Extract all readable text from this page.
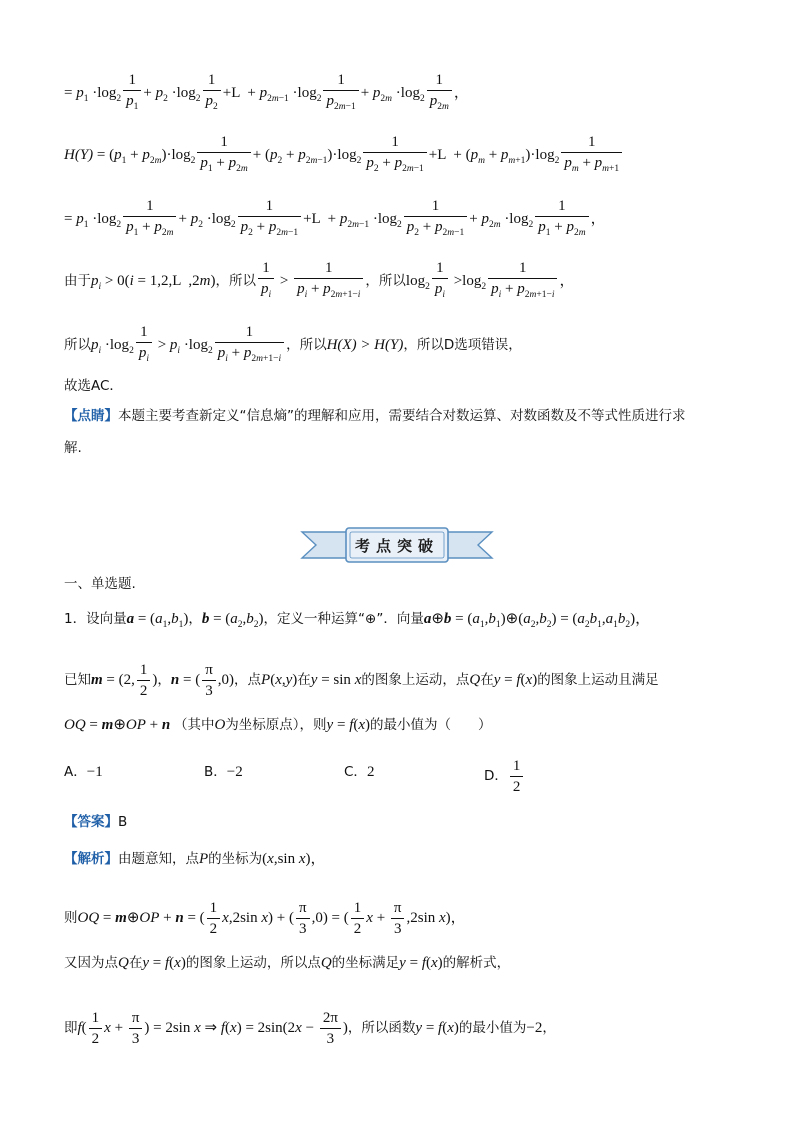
= $p_1 \cdot\log_2 \frac{1}{p_1} + p_2 \cdot\log_2 \frac{1}{p_2} +L + p_{2m-1} \cdot\log_2 \frac{1}{p_{2m-1}} + p_{2m} \cdot\log_2 \frac{1}{p_{2m}}$ ，
$H(Y) = (p_1 + p_{2m})\cdot\log_2 \frac{1}{p_1 + p_{2m}} + (p_2 + p_{2m-1})\cdot\log_2 \frac{1}{p_2 + p_{2m-1}} +L + (p_m + p_{m+1})\cdot\log_2 \frac{1}{p_m + p_{m+1}}$
= $p_1 \cdot\log_2 \frac{1}{p_1 + p_{2m}} + p_2 \cdot\log_2 \frac{1}{p_2 + p_{2m-1}} +L + p_{2m-1} \cdot\log_2 \frac{1}{p_2 + p_{2m-1}} + p_{2m} \cdot\log_2 \frac{1}{p_1 + p_{2m}}$ ，
由于$p_i > 0(i = 1,2,L$  ,2m)，所以 $\frac{1}{p_i} > \frac{1}{p_i + p_{2m+1-i}}$ ，所以$\log_2 \frac{1}{p_i} >\log_2 \frac{1}{p_i + p_{2m+1-i}}$ ，
所以$p_i \cdot\log_2 \frac{1}{p_i} > p_i \cdot\log_2 \frac{1}{p_i + p_{2m+1-i}}$ ，所以H(X) > H(Y)，所以D选项错误，
故选AC．
【点睛】本题主要考查新定义“信息熵”的理解和应用，需要结合对数运算、对数函数及不等式性质进行求
解.
考点突破
一、单选题.
1．设向量$a = (a_1,b_1)$，$b = (a_2,b_2)$，定义一种运算“⊕”．向量a⊕b = $(a_1,b_1)\oplus(a_2,b_2) = (a_2b_1,a_1b_2)$，
已知m = (2, $\frac{1}{2}$ )，n = ( $\frac{\pi}{3} ,0$)，点P(x,y)在y = sin x的图象上运动，点Q在y = f(x)的图象上运动且满足
OQ = m⊕OP + n （其中O为坐标原点），则y = f(x)的最小值为（　　）
A．−1	B．−2	C．2	D． $\frac{1}{2}$
【答案】B
【解析】由题意知，点P的坐标为(x,sin x)，
则OQ = m⊕OP + n = ( $\frac{1}{2} x,2\sin$ x) + ( $\frac{\pi}{3} ,0$) = ( $\frac{1}{2}$ $x + \frac{\pi}{3} ,2\sin$ x)，
又因为点Q在y = f(x)的图象上运动，所以点Q的坐标满足y = f(x)的解析式，
即$f( \frac{1}{2}$ $x + \frac{\pi}{3}$ ) = 2sin x ⇒ $f(x) = 2\sin(2x - \frac{2\pi}{3}$ )，所以函数y = f(x)的最小值为−2，
